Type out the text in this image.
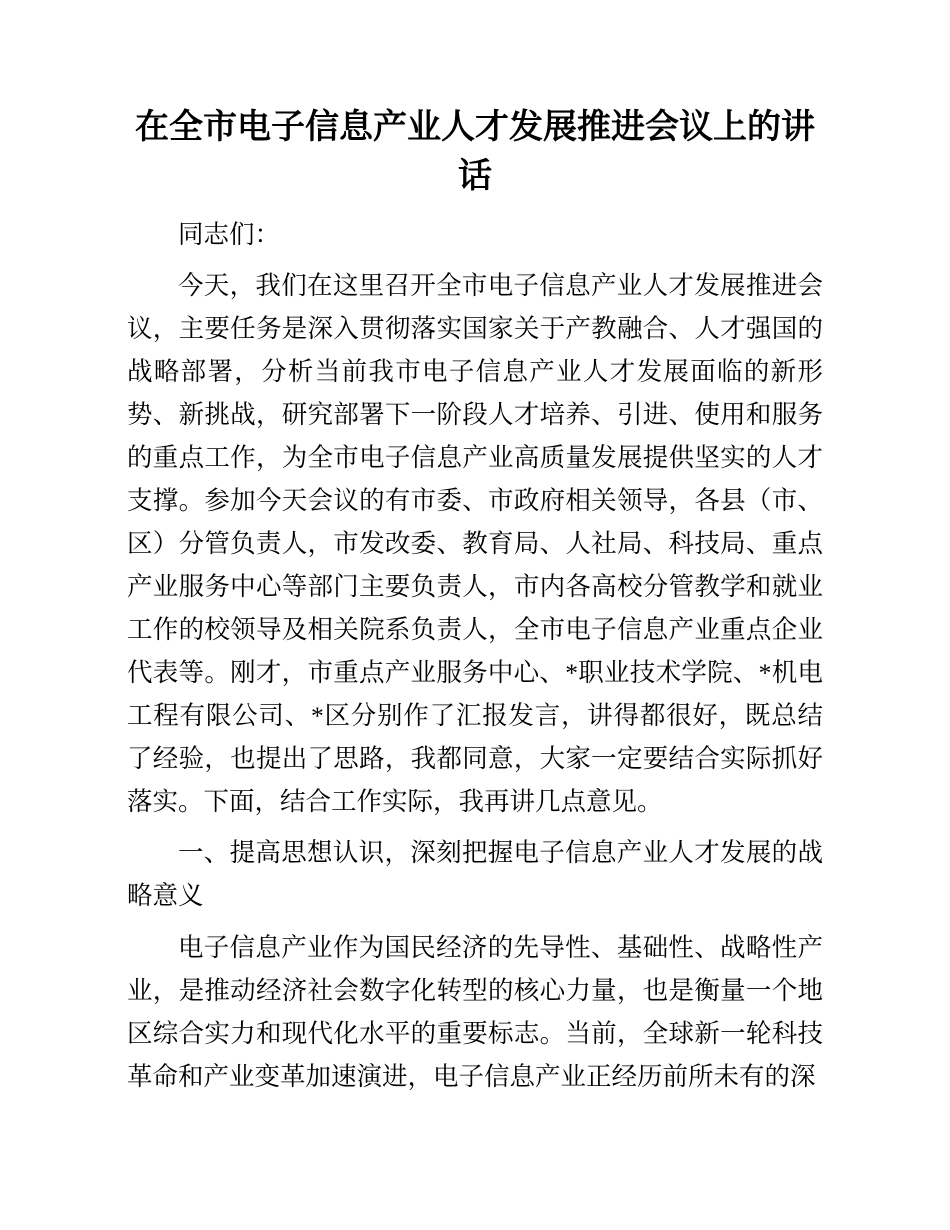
在全市电子信息产业人才发展推进会议上的讲话

同志们：

今天，我们在这里召开全市电子信息产业人才发展推进会议，主要任务是深入贯彻落实国家关于产教融合、人才强国的战略部署，分析当前我市电子信息产业人才发展面临的新形势、新挑战，研究部署下一阶段人才培养、引进、使用和服务的重点工作，为全市电子信息产业高质量发展提供坚实的人才支撑。参加今天会议的有市委、市政府相关领导，各县（市、区）分管负责人，市发改委、教育局、人社局、科技局、重点产业服务中心等部门主要负责人，市内各高校分管教学和就业工作的校领导及相关院系负责人，全市电子信息产业重点企业代表等。刚才，市重点产业服务中心、*职业技术学院、*机电工程有限公司、*区分别作了汇报发言，讲得都很好，既总结了经验，也提出了思路，我都同意，大家一定要结合实际抓好落实。下面，结合工作实际，我再讲几点意见。

一、提高思想认识，深刻把握电子信息产业人才发展的战略意义

电子信息产业作为国民经济的先导性、基础性、战略性产业，是推动经济社会数字化转型的核心力量，也是衡量一个地区综合实力和现代化水平的重要标志。当前，全球新一轮科技革命和产业变革加速演进，电子信息产业正经历前所未有的深
